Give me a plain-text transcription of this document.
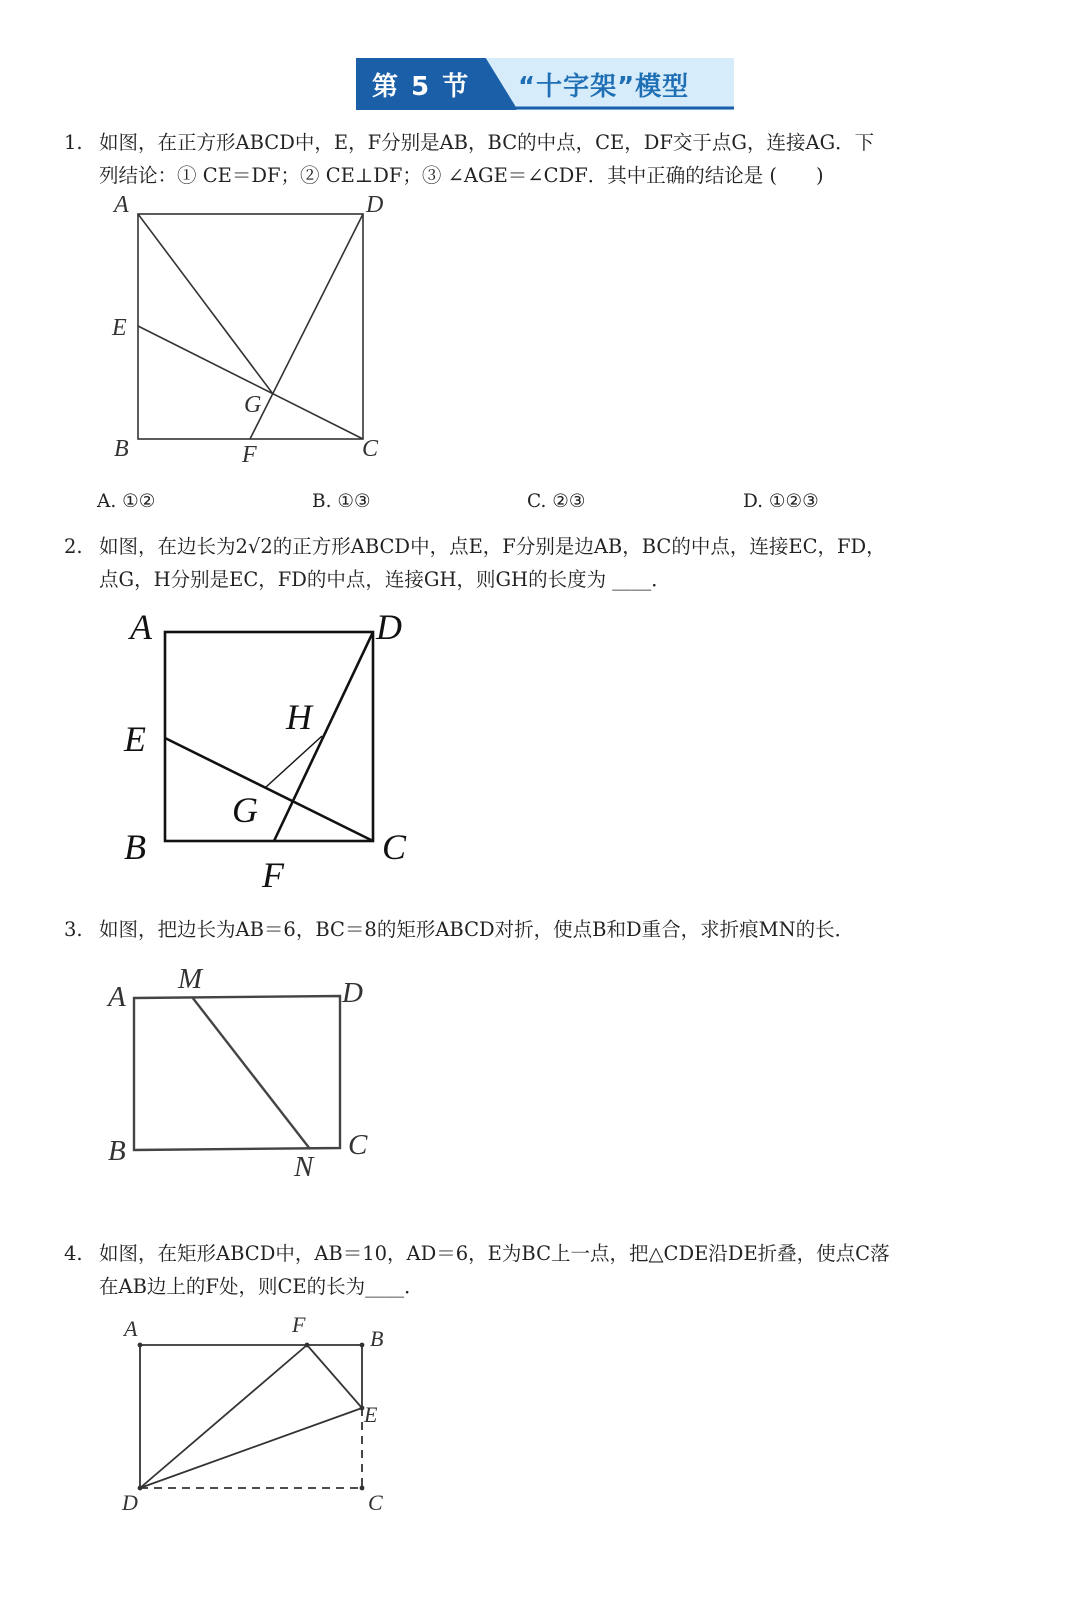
第 5 节 “十字架”模型
1. 如图，在正方形ABCD中，E，F分别是AB，BC的中点，CE，DF交于点G，连接AG．下
列结论：① CE＝DF；② CE⊥DF；③ ∠AGE＝∠CDF．其中正确的结论是 (　　)
A	D
E
G
B	F	C
A. ①②	B. ①③	C. ②③	D. ①②③
2. 如图，在边长为2√2的正方形ABCD中，点E，F分别是边AB，BC的中点，连接EC，FD，
点G，H分别是EC，FD的中点，连接GH，则GH的长度为 ____．
A	D
H
E
G
B	C
F
3. 如图，把边长为AB＝6，BC＝8的矩形ABCD对折，使点B和D重合，求折痕MN的长．
A
M	D
B	C
N
4. 如图，在矩形ABCD中，AB＝10，AD＝6，E为BC上一点，把△CDE沿DE折叠，使点C落
在AB边上的F处，则CE的长为____．
A	F
B
E
D	C
